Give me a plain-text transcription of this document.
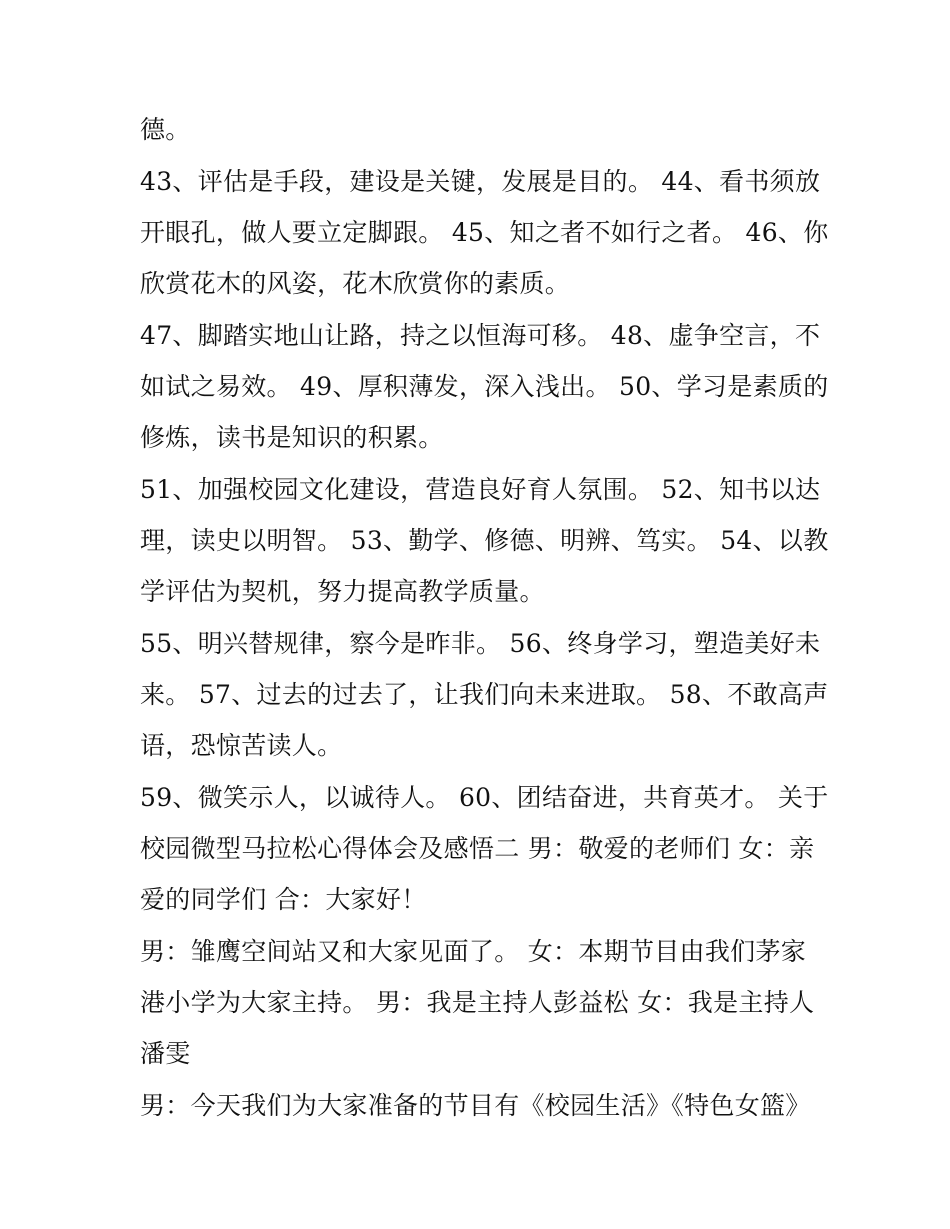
德。

43、评估是手段，建设是关键，发展是目的。 44、看书须放
开眼孔，做人要立定脚跟。 45、知之者不如行之者。 46、你
欣赏花木的风姿，花木欣赏你的素质。

47、脚踏实地山让路，持之以恒海可移。 48、虚争空言，不
如试之易效。 49、厚积薄发，深入浅出。 50、学习是素质的
修炼，读书是知识的积累。

51、加强校园文化建设，营造良好育人氛围。 52、知书以达
理，读史以明智。 53、勤学、修德、明辨、笃实。 54、以教
学评估为契机，努力提高教学质量。

55、明兴替规律，察今是昨非。 56、终身学习，塑造美好未
来。 57、过去的过去了，让我们向未来进取。 58、不敢高声
语，恐惊苦读人。

59、微笑示人，以诚待人。 60、团结奋进，共育英才。 关于
校园微型马拉松心得体会及感悟二 男：敬爱的老师们 女：亲
爱的同学们 合：大家好！

男：雏鹰空间站又和大家见面了。 女：本期节目由我们茅家
港小学为大家主持。 男：我是主持人彭益松 女：我是主持人
潘雯

男：今天我们为大家准备的节目有《校园生活》《特色女篮》
